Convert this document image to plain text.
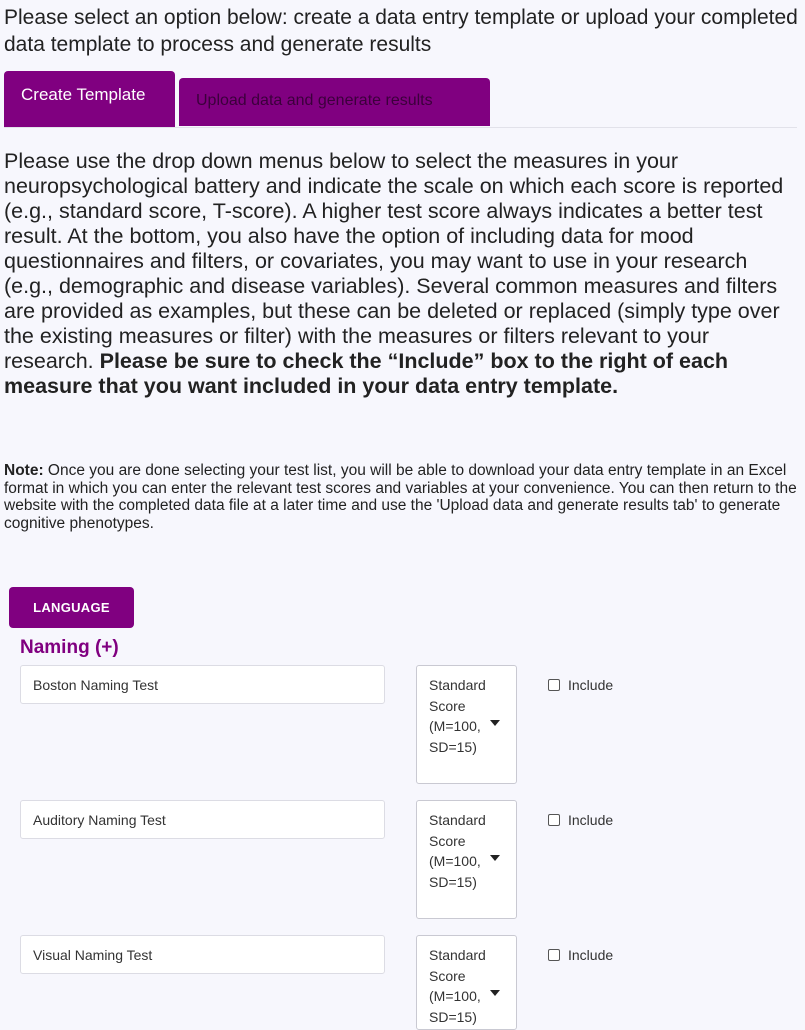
Please select an option below: create a data entry template or upload your completed data template to process and generate results

Create Template	Upload data and generate results

Please use the drop down menus below to select the measures in your neuropsychological battery and indicate the scale on which each score is reported (e.g., standard score, T-score). A higher test score always indicates a better test result. At the bottom, you also have the option of including data for mood questionnaires and filters, or covariates, you may want to use in your research (e.g., demographic and disease variables). Several common measures and filters are provided as examples, but these can be deleted or replaced (simply type over the existing measures or filter) with the measures or filters relevant to your research. Please be sure to check the “Include” box to the right of each measure that you want included in your data entry template.

Note: Once you are done selecting your test list, you will be able to download your data entry template in an Excel format in which you can enter the relevant test scores and variables at your convenience. You can then return to the website with the completed data file at a later time and use the 'Upload data and generate results tab' to generate cognitive phenotypes.

LANGUAGE
Naming (+)
Boston Naming Test
Standard Score (M=100, SD=15)
Include
Auditory Naming Test
Standard Score (M=100, SD=15)
Include
Visual Naming Test
Standard Score (M=100, SD=15)
Include
